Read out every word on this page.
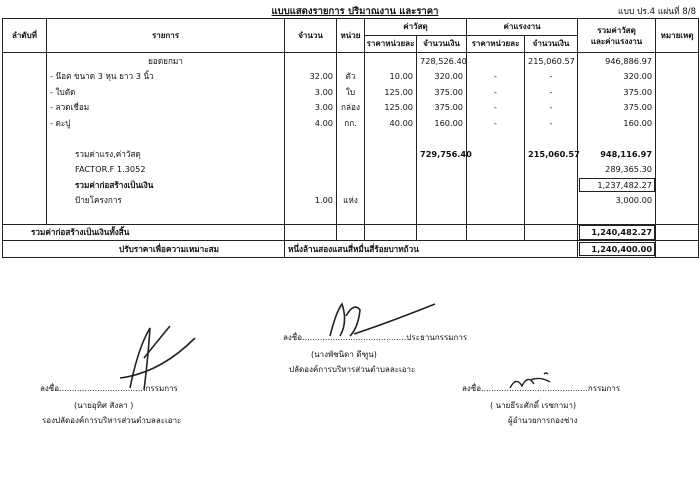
แบบแสดงรายการ ปริมาณงาน และราคา	แบบ ปร.4 แผ่นที่ 8/8
ลำดับที่	รายการ	จำนวน	หน่วย	ค่าวัสดุ		ค่าแรงงาน		รวมค่าวัสดุ
และค่าแรงงาน	หมายเหตุ
				ราคาหน่วยละ	จำนวนเงิน	ราคาหน่วยละ	จำนวนเงิน		
	ยอดยกมา				728,526.40		215,060.57	946,886.97	
	- น๊อต ขนาด 3 หุน ยาว 3 นิ้ว	32.00	ตัว	10.00	320.00	-	-	320.00	
	- ใบตัด	3.00	ใบ	125.00	375.00	-	-	375.00	
	- ลวดเชื่อม	3.00	กล่อง	125.00	375.00	-	-	375.00	
	- ตะปู	4.00	กก.	40.00	160.00	-	-	160.00	

	รวมค่าแรง,ค่าวัสดุ				729,756.40		215,060.57	948,116.97	
	FACTOR.F 1.3052							289,365.30	
	รวมค่าก่อสร้างเป็นเงิน							1,237,482.27	
	ป้ายโครงการ	1.00	แห่ง					3,000.00	

รวมค่าก่อสร้างเป็นเงินทั้งสิ้น								1,240,482.27	
ปรับราคาเพื่อความเหมาะสม		หนึ่งล้านสองแสนสี่หมื่นสี่ร้อยบาทถ้วน						1,240,400.00	
ลงชื่อ.........................................ประธานกรรมการ
(นางพัชนิดา ดีฑูน)
ปลัดองค์การบริหารส่วนตำบลละเอาะ
ลงชื่อ..................................กรรมการ
(นายอุทิศ สังลา )
รองปลัดองค์การบริหารส่วนตำบลละเอาะ
ลงชื่อ..........................................กรรมการ
( นายธีระศักดิ์ เรชกามา)
ผู้อำนวยการกองช่าง
